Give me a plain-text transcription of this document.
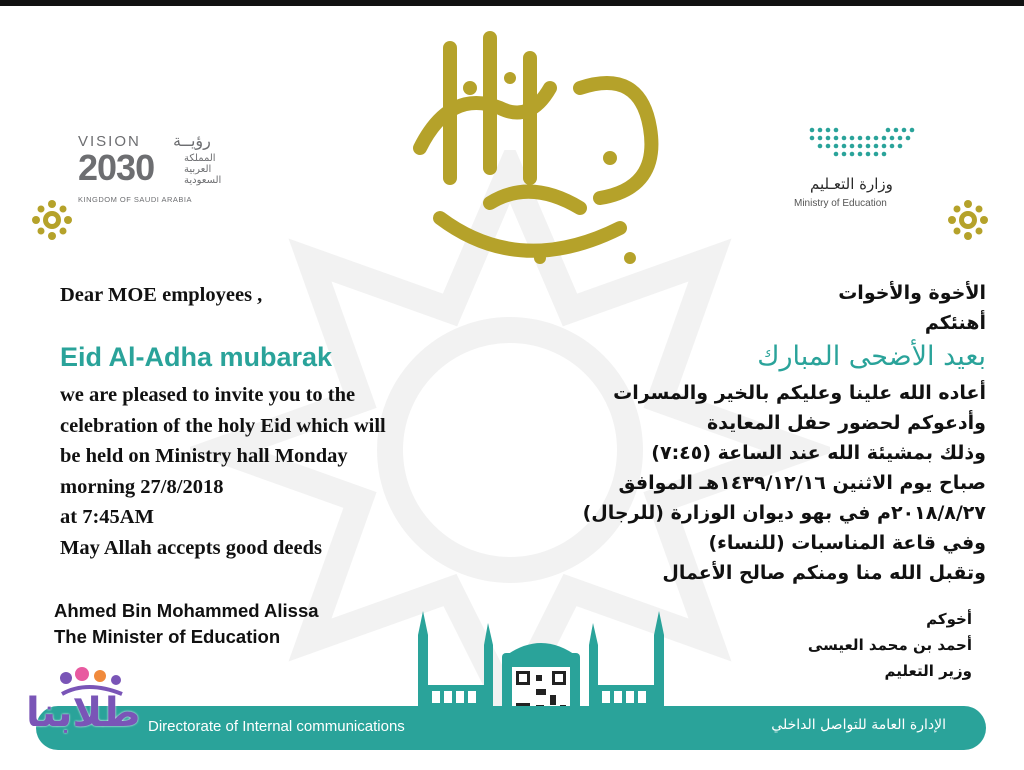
VISION رؤيــة
2030	المملكة العربية السعودية
KINGDOM OF SAUDI ARABIA
وزارة التعـليم
Ministry of Education
عيد مبارك
Dear MOE employees ,
Eid Al-Adha mubarak
we are pleased to invite you to the
celebration of the holy Eid which will
be held on Ministry hall Monday
morning 27/8/2018
at 7:45AM
May Allah accepts good deeds
Ahmed Bin Mohammed Alissa
The Minister of Education
الأخوة والأخوات
أهنئكم
بعيد الأضحى المبارك
أعاده الله علينا وعليكم بالخير والمسرات
وأدعوكم لحضور حفل المعايدة
وذلك بمشيئة الله عند الساعة (٧:٤٥)
صباح يوم الاثنين ١٤٣٩/١٢/١٦هـ الموافق
٢٠١٨/٨/٢٧م في بهو ديوان الوزارة (للرجال)
وفي قاعة المناسبات (للنساء)
وتقبل الله منا ومنكم صالح الأعمال
أخوكم
أحمد بن محمد العيسى
وزير التعليم
Directorate of Internal communications	الإدارة العامة للتواصل الداخلي
طلابنا
